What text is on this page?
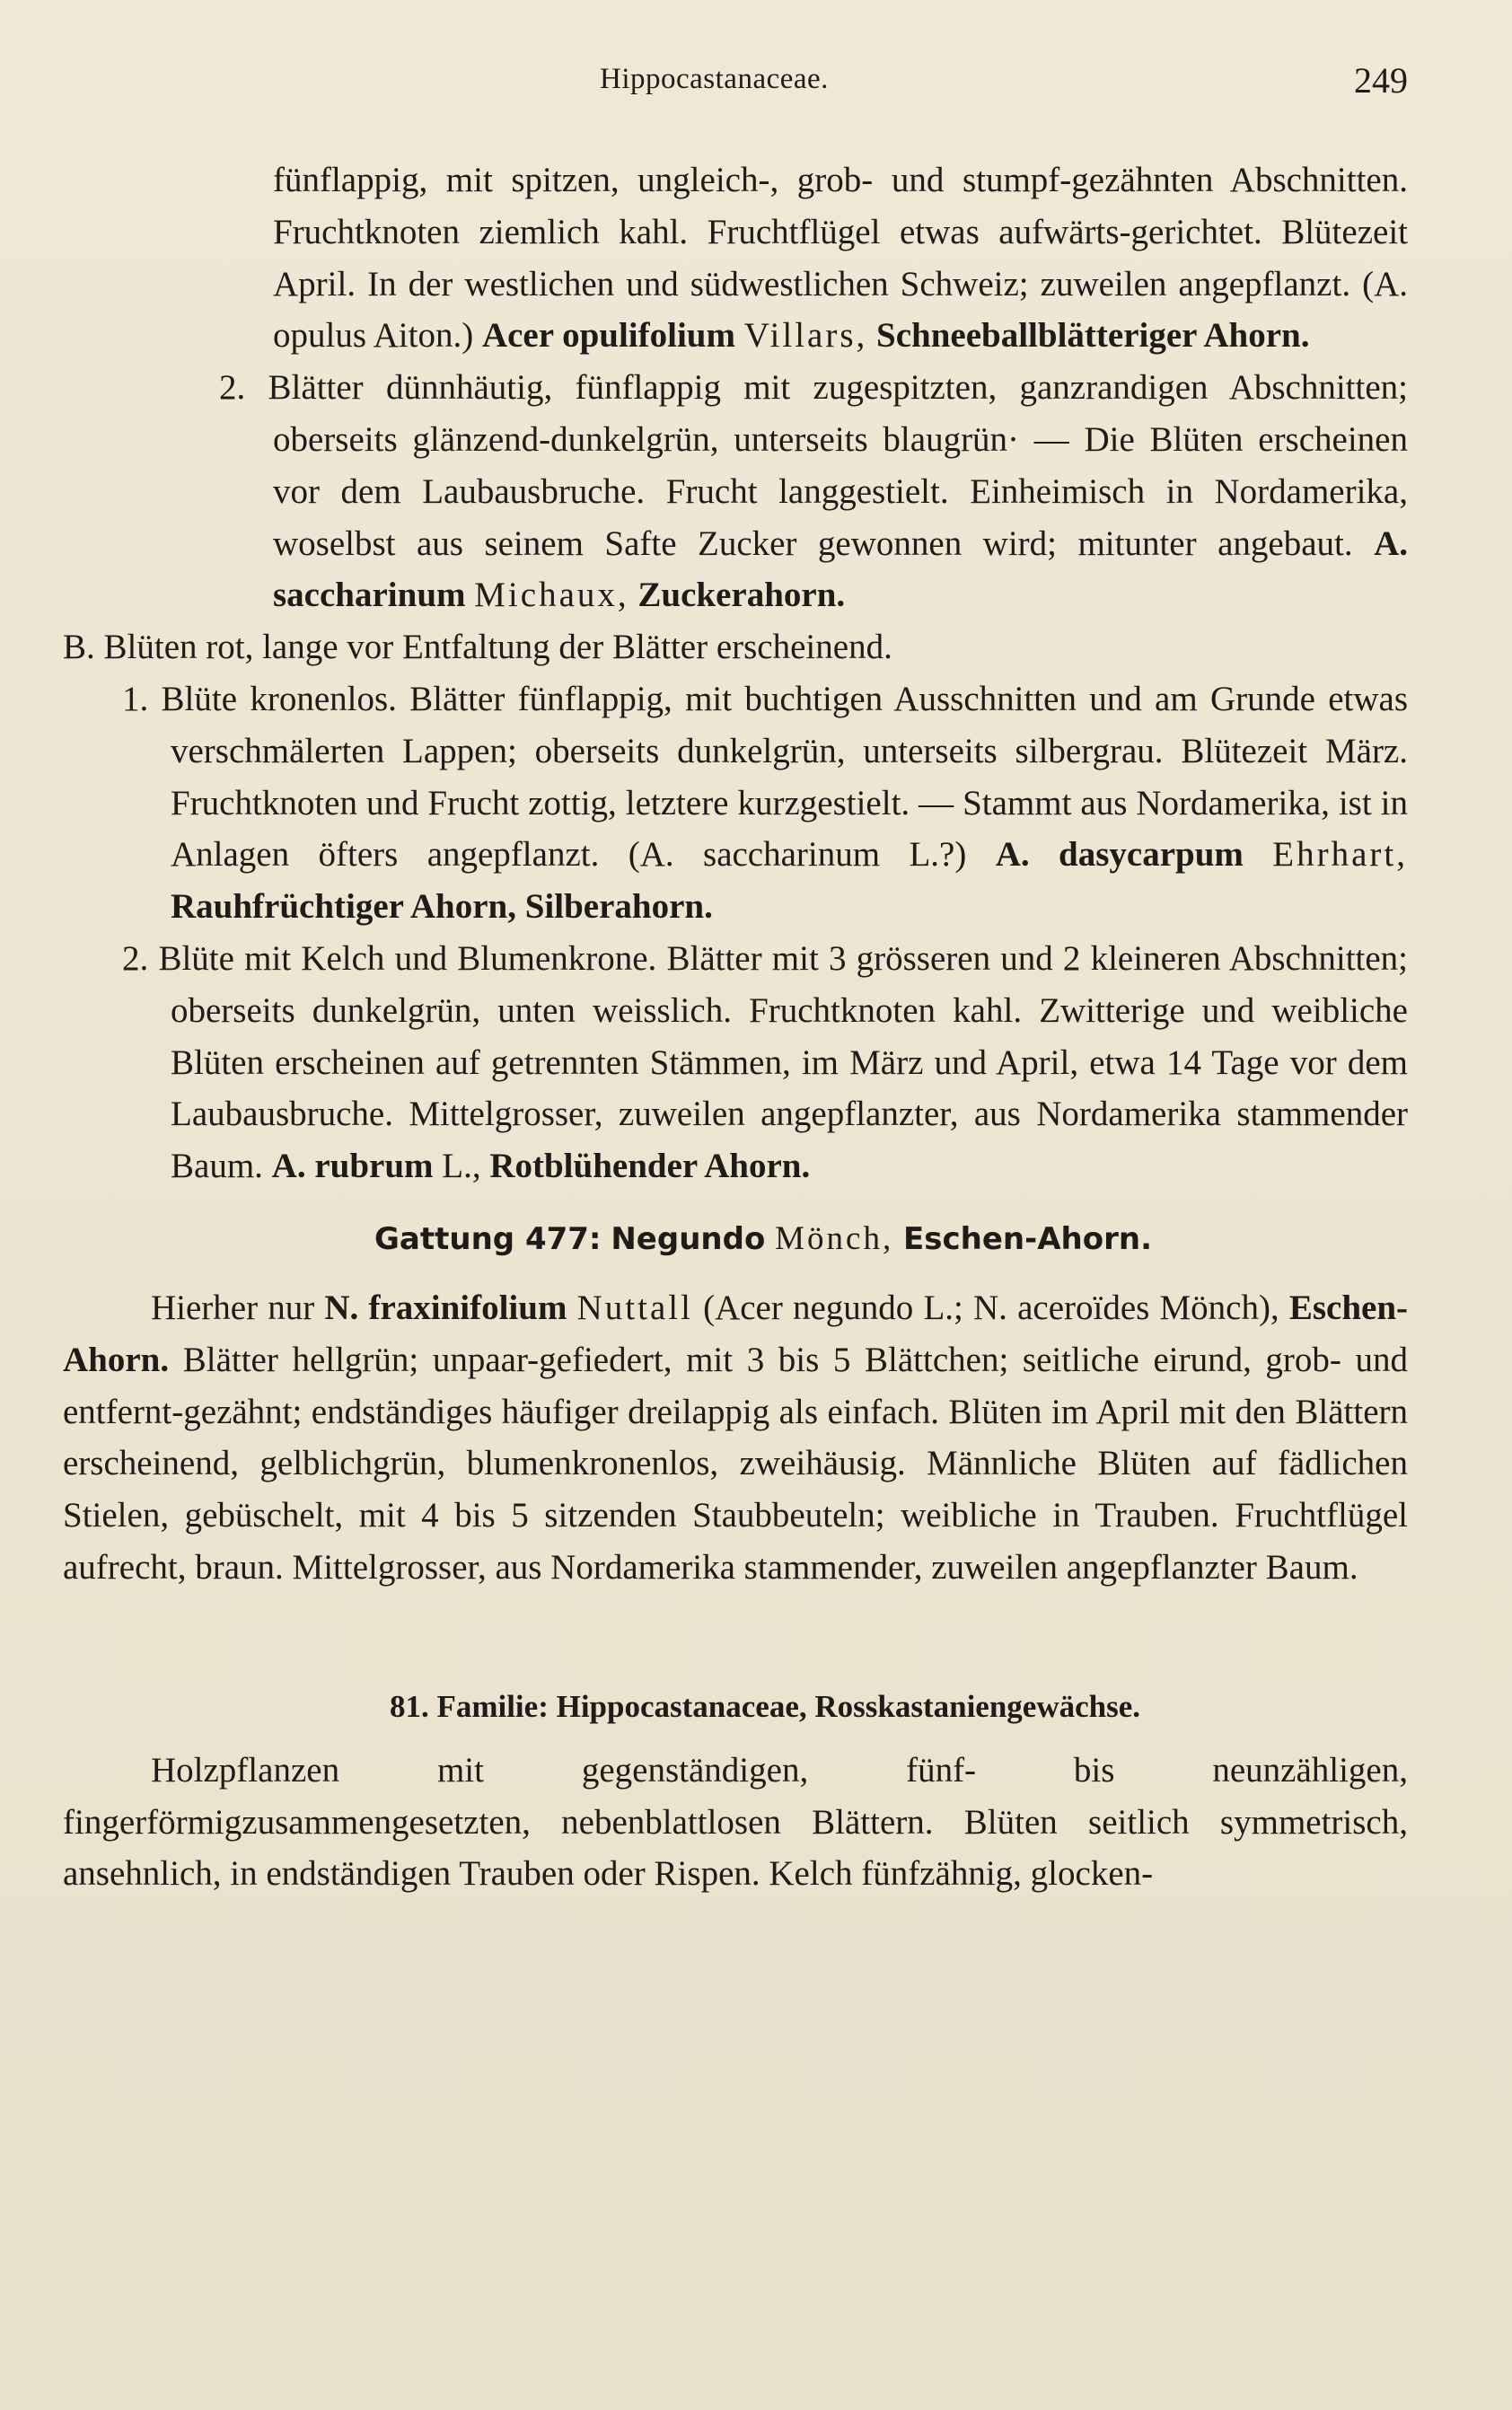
Hippocastanaceae.	249

fünflappig, mit spitzen, ungleich-, grob- und stumpf-gezähnten Abschnitten. Fruchtknoten ziemlich kahl. Fruchtflügel etwas aufwärts-gerichtet. Blütezeit April. In der westlichen und südwestlichen Schweiz; zuweilen angepflanzt. (A. opulus Aiton.) Acer opulifolium Villars, Schneeballblätteriger Ahorn.

2. Blätter dünnhäutig, fünflappig mit zugespitzten, ganzrandigen Abschnitten; oberseits glänzend-dunkelgrün, unterseits blaugrün· — Die Blüten erscheinen vor dem Laubausbruche. Frucht langgestielt. Einheimisch in Nordamerika, woselbst aus seinem Safte Zucker gewonnen wird; mitunter angebaut. A. saccharinum Michaux, Zuckerahorn.

B. Blüten rot, lange vor Entfaltung der Blätter erscheinend.

1. Blüte kronenlos. Blätter fünflappig, mit buchtigen Ausschnitten und am Grunde etwas verschmälerten Lappen; oberseits dunkelgrün, unterseits silbergrau. Blütezeit März. Fruchtknoten und Frucht zottig, letztere kurzgestielt. — Stammt aus Nordamerika, ist in Anlagen öfters angepflanzt. (A. saccharinum L.?) A. dasycarpum Ehrhart, Rauhfrüchtiger Ahorn, Silberahorn.

2. Blüte mit Kelch und Blumenkrone. Blätter mit 3 grösseren und 2 kleineren Abschnitten; oberseits dunkelgrün, unten weisslich. Fruchtknoten kahl. Zwitterige und weibliche Blüten erscheinen auf getrennten Stämmen, im März und April, etwa 14 Tage vor dem Laubausbruche. Mittelgrosser, zuweilen angepflanzter, aus Nordamerika stammender Baum. A. rubrum L., Rotblühender Ahorn.

Gattung 477: Negundo Mönch, Eschen-Ahorn.

Hierher nur N. fraxinifolium Nuttall (Acer negundo L.; N. aceroïdes Mönch), Eschen-Ahorn. Blätter hellgrün; unpaar-gefiedert, mit 3 bis 5 Blättchen; seitliche eirund, grob- und entfernt-gezähnt; endständiges häufiger dreilappig als einfach. Blüten im April mit den Blättern erscheinend, gelblichgrün, blumenkronenlos, zweihäusig. Männliche Blüten auf fädlichen Stielen, gebüschelt, mit 4 bis 5 sitzenden Staubbeuteln; weibliche in Trauben. Fruchtflügel aufrecht, braun. Mittelgrosser, aus Nordamerika stammender, zuweilen angepflanzter Baum.

81. Familie: Hippocastanaceae, Rosskastaniengewächse.

Holzpflanzen mit gegenständigen, fünf- bis neunzähligen, fingerförmigzusammengesetzten, nebenblattlosen Blättern. Blüten seitlich symmetrisch, ansehnlich, in endständigen Trauben oder Rispen. Kelch fünfzähnig, glocken-
